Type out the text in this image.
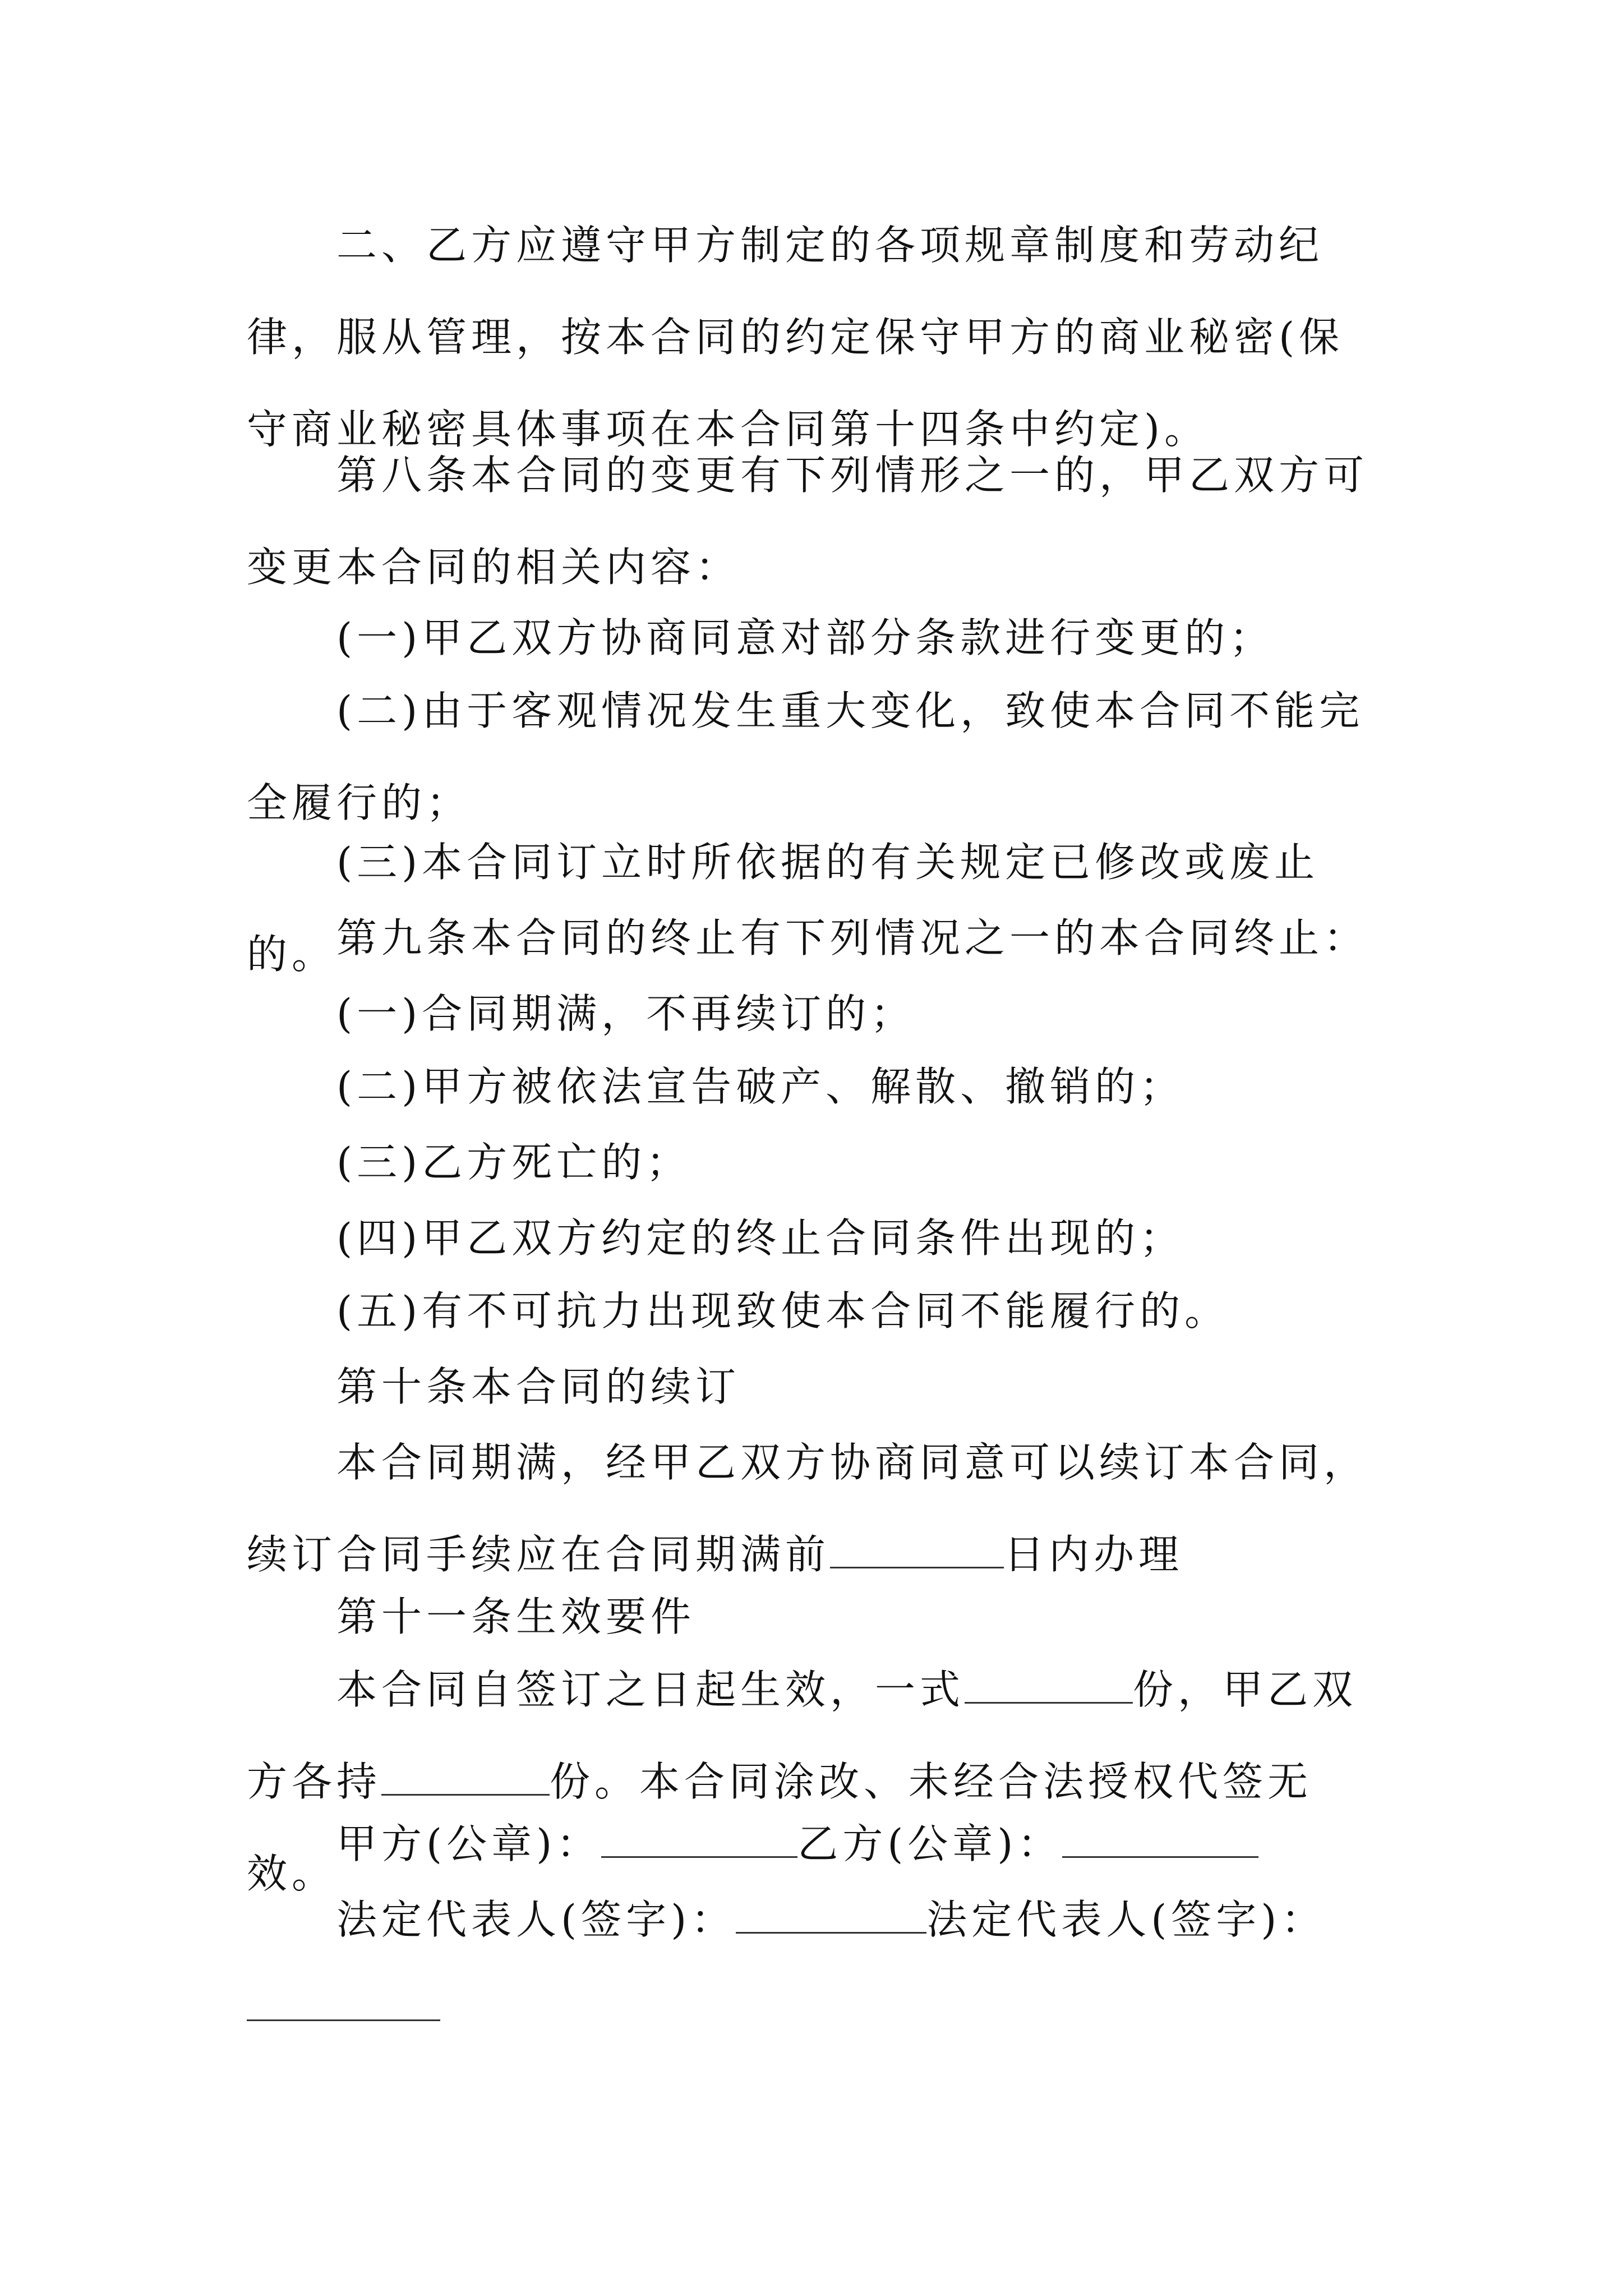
二、乙方应遵守甲方制定的各项规章制度和劳动纪律，服从管理，按本合同的约定保守甲方的商业秘密(保守商业秘密具体事项在本合同第十四条中约定)。

第八条本合同的变更有下列情形之一的，甲乙双方可变更本合同的相关内容：

(一)甲乙双方协商同意对部分条款进行变更的；

(二)由于客观情况发生重大变化，致使本合同不能完全履行的；

(三)本合同订立时所依据的有关规定已修改或废止的。 第九条本合同的终止有下列情况之一的本合同终止：

(一)合同期满，不再续订的；

(二)甲方被依法宣告破产、解散、撤销的；

(三)乙方死亡的；

(四)甲乙双方约定的终止合同条件出现的；

(五)有不可抗力出现致使本合同不能履行的。

第十条本合同的续订

本合同期满，经甲乙双方协商同意可以续订本合同，续订合同手续应在合同期满前	日内办理

第十一条生效要件

本合同自签订之日起生效，一式	份，甲乙双方各持	份。本合同涂改、未经合法授权代签无效。

甲方(公章)：	乙方(公章)：

法定代表人(签字)：	法定代表人(签字)：
